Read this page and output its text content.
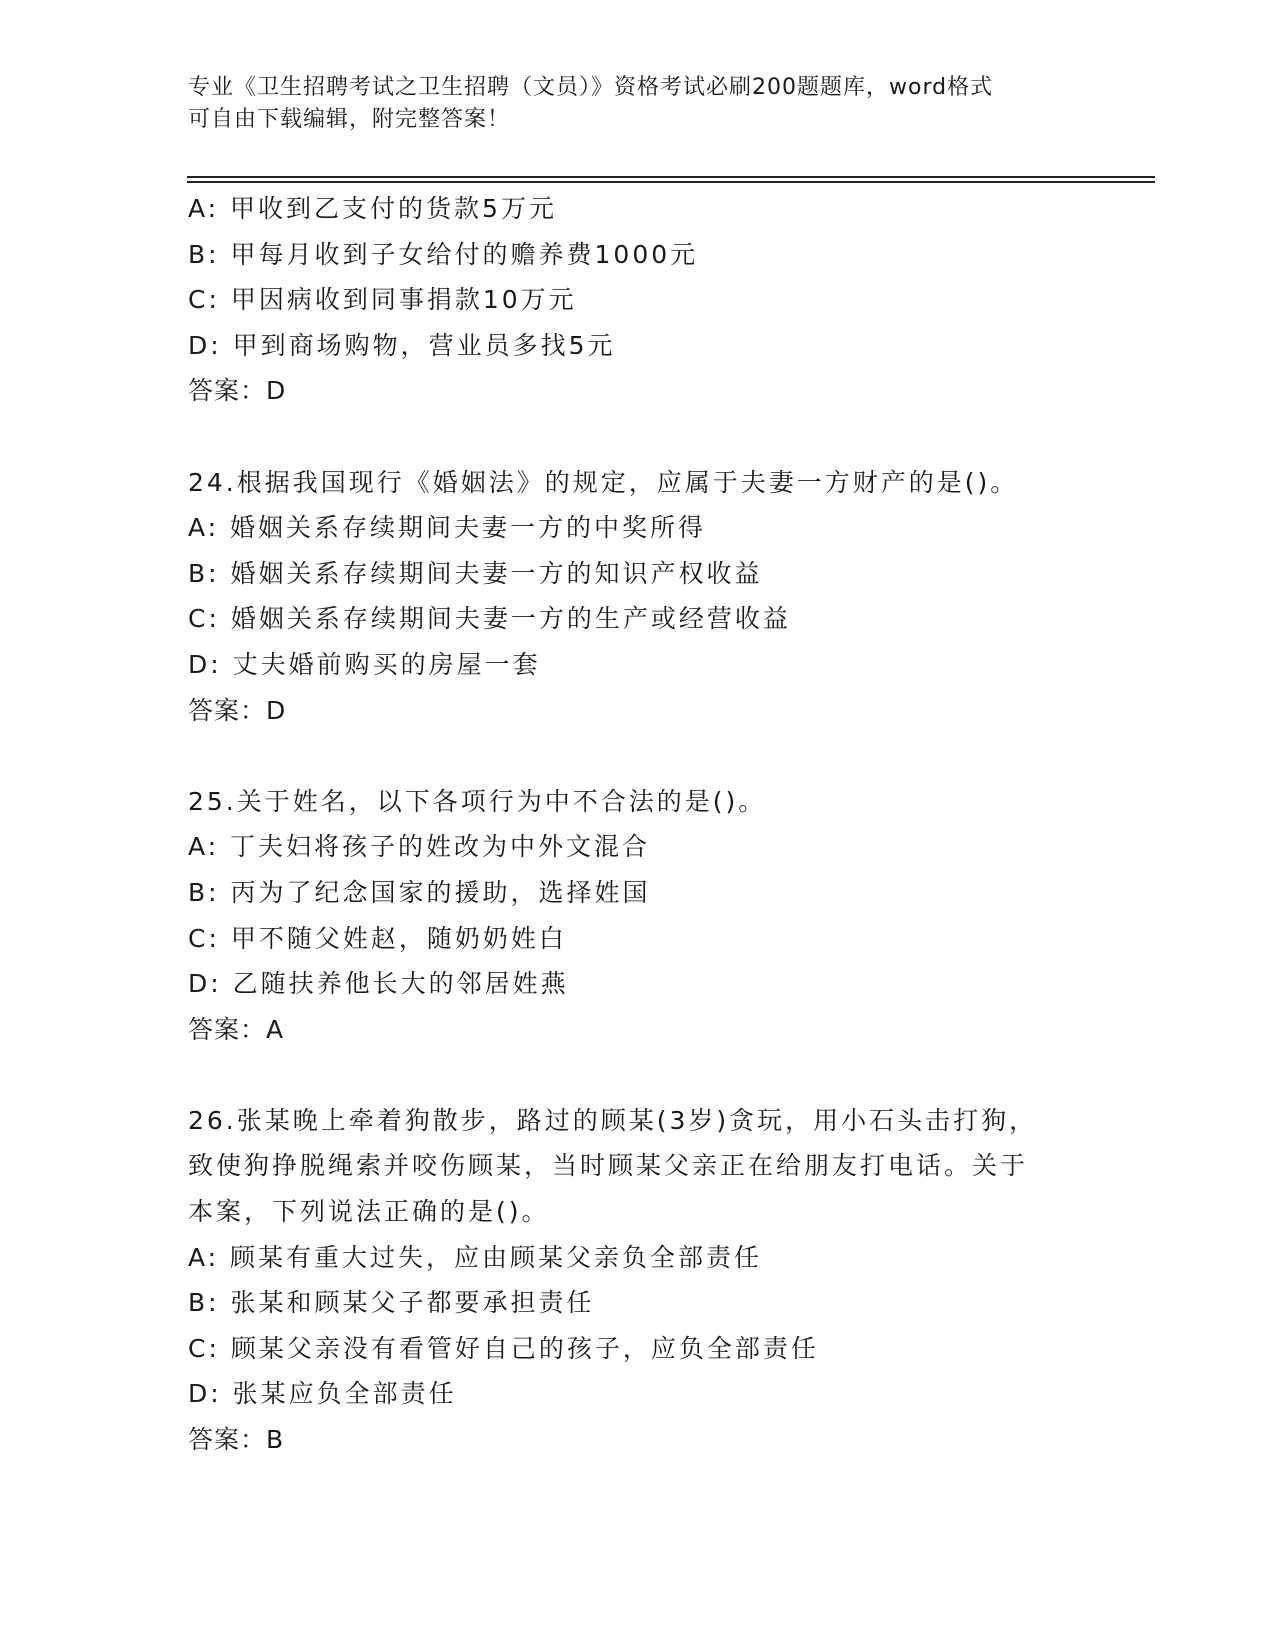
专业《卫生招聘考试之卫生招聘（文员）》资格考试必刷200题题库，word格式
可自由下载编辑，附完整答案！
A: 甲收到乙支付的货款5万元
B: 甲每月收到子女给付的赡养费1000元
C: 甲因病收到同事捐款10万元
D: 甲到商场购物，营业员多找5元
答案：D
24.根据我国现行《婚姻法》的规定，应属于夫妻一方财产的是()。
A: 婚姻关系存续期间夫妻一方的中奖所得
B: 婚姻关系存续期间夫妻一方的知识产权收益
C: 婚姻关系存续期间夫妻一方的生产或经营收益
D: 丈夫婚前购买的房屋一套
答案：D
25.关于姓名，以下各项行为中不合法的是()。
A: 丁夫妇将孩子的姓改为中外文混合
B: 丙为了纪念国家的援助，选择姓国
C: 甲不随父姓赵，随奶奶姓白
D: 乙随扶养他长大的邻居姓燕
答案：A
26.张某晚上牵着狗散步，路过的顾某(3岁)贪玩，用小石头击打狗，
致使狗挣脱绳索并咬伤顾某，当时顾某父亲正在给朋友打电话。关于
本案，下列说法正确的是()。
A: 顾某有重大过失，应由顾某父亲负全部责任
B: 张某和顾某父子都要承担责任
C: 顾某父亲没有看管好自己的孩子，应负全部责任
D: 张某应负全部责任
答案：B
